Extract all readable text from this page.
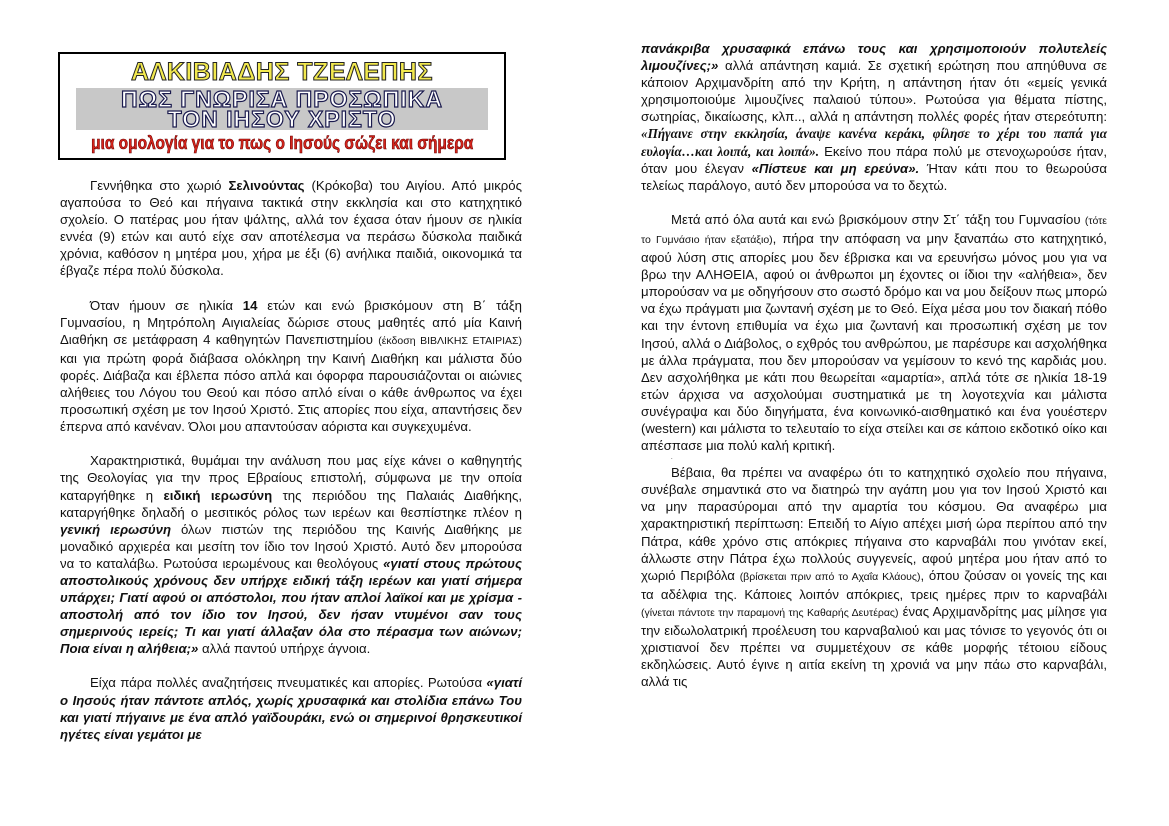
ΑΛΚΙΒΙΑΔΗΣ ΤΖΕΛΕΠΗΣ
ΠΩΣ ΓΝΩΡΙΣΑ ΠΡΟΣΩΠΙΚΑ
ΤΟΝ ΙΗΣΟΥ ΧΡΙΣΤΟ
μια ομολογία για το πως ο Ιησούς σώζει και σήμερα

Γεννήθηκα στο χωριό Σελινούντας (Κρόκοβα) του Αιγίου. Από μικρός αγαπούσα το Θεό και πήγαινα τακτικά στην εκκλησία και στο κατηχητικό σχολείο. Ο πατέρας μου ήταν ψάλτης, αλλά τον έχασα όταν ήμουν σε ηλικία εννέα (9) ετών και αυτό είχε σαν αποτέλεσμα να περάσω δύσκολα παιδικά χρόνια, καθόσον η μητέρα μου, χήρα με έξι (6) ανήλικα παιδιά, οικονομικά τα έβγαζε πέρα πολύ δύσκολα.

Όταν ήμουν σε ηλικία 14 ετών και ενώ βρισκόμουν στη Β΄ τάξη Γυμνασίου, η Μητρόπολη Αιγιαλείας δώρισε στους μαθητές από μία Καινή Διαθήκη σε μετάφραση 4 καθηγητών Πανεπιστημίου (έκδοση ΒΙΒΛΙΚΗΣ ΕΤΑΙΡΙΑΣ) και για πρώτη φορά διάβασα ολόκληρη την Καινή Διαθήκη και μάλιστα δύο φορές. Διάβαζα και έβλεπα πόσο απλά και όφορφα παρουσιάζονται οι αιώνιες αλήθειες του Λόγου του Θεού και πόσο απλό είναι ο κάθε άνθρωπος να έχει προσωπική σχέση με τον Ιησού Χριστό. Στις απορίες που είχα, απαντήσεις δεν έπερνα από κανέναν. Όλοι μου απαντούσαν αόριστα και συγκεχυμένα.

Χαρακτηριστικά, θυμάμαι την ανάλυση που μας είχε κάνει ο καθηγητής της Θεολογίας για την προς Εβραίους επιστολή, σύμφωνα με την οποία καταργήθηκε η ειδική ιερωσύνη της περιόδου της Παλαιάς Διαθήκης, καταργήθηκε δηλαδή ο μεσιτικός ρόλος των ιερέων και θεσπίστηκε πλέον η γενική ιερωσύνη όλων πιστών της περιόδου της Καινής Διαθήκης με μοναδικό αρχιερέα και μεσίτη τον ίδιο τον Ιησού Χριστό. Αυτό δεν μπορούσα να το καταλάβω. Ρωτούσα ιερωμένους και θεολόγους «γιατί στους πρώτους αποστολικούς χρόνους δεν υπήρχε ειδική τάξη ιερέων και γιατί σήμερα υπάρχει; Γιατί αφού οι απόστολοι, που ήταν απλοί λαϊκοί και με χρίσμα - αποστολή από τον ίδιο τον Ιησού, δεν ήσαν ντυμένοι σαν τους σημερινούς ιερείς; Τι και γιατί άλλαξαν όλα στο πέρασμα των αιώνων; Ποια είναι η αλήθεια;» αλλά παντού υπήρχε άγνοια.

Είχα πάρα πολλές αναζητήσεις πνευματικές και απορίες. Ρωτούσα «γιατί ο Ιησούς ήταν πάντοτε απλός, χωρίς χρυσαφικά και στολίδια επάνω Του και γιατί πήγαινε με ένα απλό γαϊδουράκι, ενώ οι σημερινοί θρησκευτικοί ηγέτες είναι γεμάτοι με

πανάκριβα χρυσαφικά επάνω τους και χρησιμοποιούν πολυτελείς λιμουζίνες;» αλλά απάντηση καμιά. Σε σχετική ερώτηση που απηύθυνα σε κάποιον Αρχιμανδρίτη από την Κρήτη, η απάντηση ήταν ότι «εμείς γενικά χρησιμοποιούμε λιμουζίνες παλαιού τύπου». Ρωτούσα για θέματα πίστης, σωτηρίας, δικαίωσης, κλπ.., αλλά η απάντηση πολλές φορές ήταν στερεότυπη: «Πήγαινε στην εκκλησία, άναψε κανένα κεράκι, φίλησε το χέρι του παπά για ευλογία…και λοιπά, και λοιπά». Εκείνο που πάρα πολύ με στενοχωρούσε ήταν, όταν μου έλεγαν «Πίστευε και μη ερεύνα». Ήταν κάτι που το θεωρούσα τελείως παράλογο, αυτό δεν μπορούσα να το δεχτώ.

Μετά από όλα αυτά και ενώ βρισκόμουν στην Στ΄ τάξη του Γυμνασίου (τότε το Γυμνάσιο ήταν εξατάξιο), πήρα την απόφαση να μην ξαναπάω στο κατηχητικό, αφού λύση στις απορίες μου δεν έβρισκα και να ερευνήσω μόνος μου για να βρω την ΑΛΗΘΕΙΑ, αφού οι άνθρωποι μη έχοντες οι ίδιοι την «αλήθεια», δεν μπορούσαν να με οδηγήσουν στο σωστό δρόμο και να μου δείξουν πως μπορώ να έχω πράγματι μια ζωντανή σχέση με το Θεό. Είχα μέσα μου τον διακαή πόθο και την έντονη επιθυμία να έχω μια ζωντανή και προσωπική σχέση με τον Ιησού, αλλά ο Διάβολος, ο εχθρός του ανθρώπου, με παρέσυρε και ασχολήθηκα με άλλα πράγματα, που δεν μπορούσαν να γεμίσουν το κενό της καρδιάς μου. Δεν ασχολήθηκα με κάτι που θεωρείται «αμαρτία», απλά τότε σε ηλικία 18-19 ετών άρχισα να ασχολούμαι συστηματικά με τη λογοτεχνία και μάλιστα συνέγραψα και δύο διηγήματα, ένα κοινωνικό-αισθηματικό και ένα γουέστερν (western) και μάλιστα το τελευταίο το είχα στείλει και σε κάποιο εκδοτικό οίκο και απέσπασε μια πολύ καλή κριτική.

.

Βέβαια, θα πρέπει να αναφέρω ότι το κατηχητικό σχολείο που πήγαινα, συνέβαλε σημαντικά στο να διατηρώ την αγάπη μου για τον Ιησού Χριστό και να μην παρασύρομαι από την αμαρτία του κόσμου. Θα αναφέρω μια χαρακτηριστική περίπτωση: Επειδή το Αίγιο απέχει μισή ώρα περίπου από την Πάτρα, κάθε χρόνο στις απόκριες πήγαινα στο καρναβάλι που γινόταν εκεί, άλλωστε στην Πάτρα έχω πολλούς συγγενείς, αφού μητέρα μου ήταν από το χωριό Περιβόλα (βρίσκεται πριν από το Αχαΐα Κλάους), όπου ζούσαν οι γονείς της και τα αδέλφια της. Κάποιες λοιπόν απόκριες, τρεις ημέρες πριν το καρναβάλι (γίνεται πάντοτε την παραμονή της Καθαρής Δευτέρας) ένας Αρχιμανδρίτης μας μίλησε για την ειδωλολατρική προέλευση του καρναβαλιού και μας τόνισε το γεγονός ότι οι χριστιανοί δεν πρέπει να συμμετέχουν σε κάθε μορφής τέτοιου είδους εκδηλώσεις. Αυτό έγινε η αιτία εκείνη τη χρονιά να μην πάω στο καρναβάλι, αλλά τις
